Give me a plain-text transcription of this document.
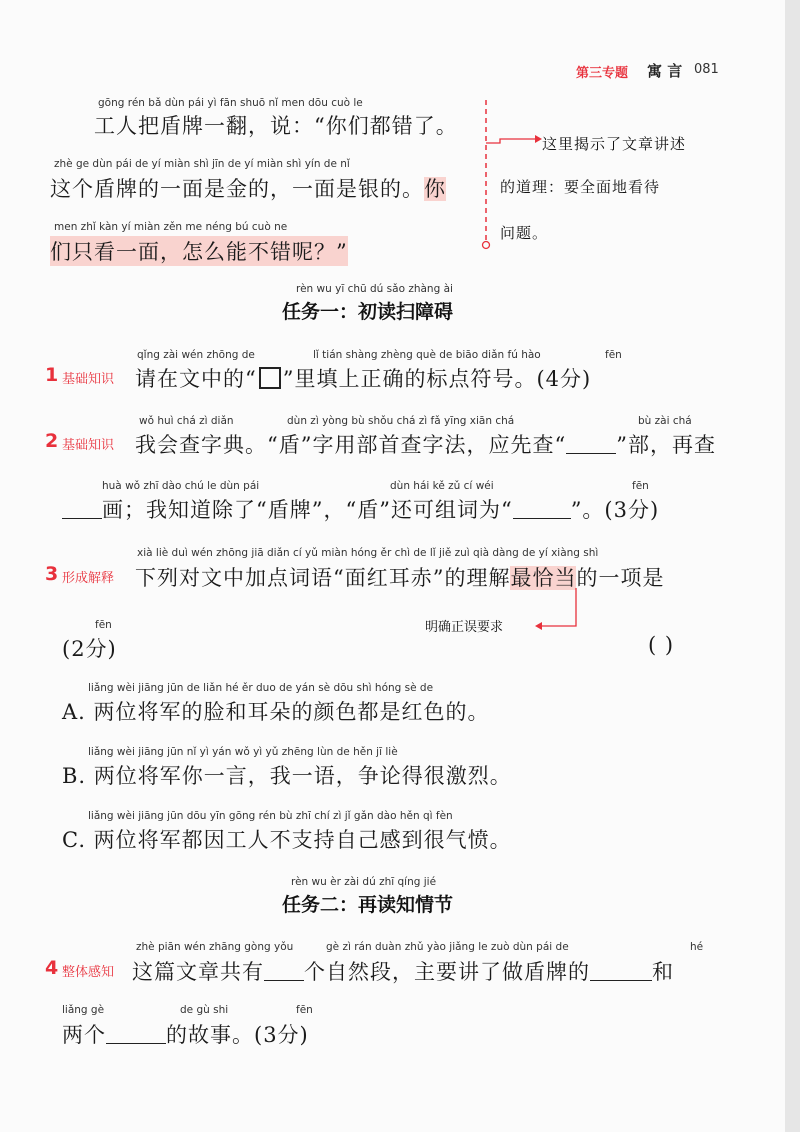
第三专题 寓 言 081
gōng rén bǎ dùn pái yì fān shuō nǐ men dōu cuò le
工人把盾牌一翻，说：“你们都错了。
zhè ge dùn pái de yí miàn shì jīn de yí miàn shì yín de nǐ
这个盾牌的一面是金的，一面是银的。你
men zhǐ kàn yí miàn zěn me néng bú cuò ne
们只看一面，怎么能不错呢？”
这里揭示了文章讲述
的道理：要全面地看待
问题。
rèn wu yī chū dú sǎo zhàng ài
任务一：初读扫障碍
1 基础知识
qǐng zài wén zhōng de	lǐ tián shàng zhèng què de biāo diǎn fú hào	fēn
请在文中的“ ”里填上正确的标点符号。(4分)
2 基础知识
wǒ huì chá zì diǎn	dùn zì yòng bù shǒu chá zì fǎ yīng xiān chá	bù zài chá
我会查字典。“盾”字用部首查字法，应先查“ ”部，再查
huà wǒ zhī dào chú le dùn pái	dùn hái kě zǔ cí wéi	fēn
画；我知道除了“盾牌”，“盾”还可组词为“	”。(3分)
3 形成解释
xià liè duì wén zhōng jiā diǎn cí yǔ miàn hóng ěr chì de lǐ jiě zuì qià dàng de yí xiàng shì
下列对文中加点词语“面红耳赤”的理解最恰当的一项是
明确正误要求
fēn
(2分)	( )
liǎng wèi jiāng jūn de liǎn hé ěr duo de yán sè dōu shì hóng sè de
A. 两位将军的脸和耳朵的颜色都是红色的。
liǎng wèi jiāng jūn nǐ yì yán wǒ yì yǔ zhēng lùn de hěn jī liè
B. 两位将军你一言，我一语，争论得很激烈。
liǎng wèi jiāng jūn dōu yīn gōng rén bù zhī chí zì jǐ gǎn dào hěn qì fèn
C. 两位将军都因工人不支持自己感到很气愤。
rèn wu èr zài dú zhī qíng jié
任务二：再读知情节
4 整体感知
zhè piān wén zhāng gòng yǒu	gè zì rán duàn zhǔ yào jiǎng le zuò dùn pái de	hé
这篇文章共有 个自然段，主要讲了做盾牌的	和
liǎng gè	de gù shi	fēn
两个	的故事。(3分)
